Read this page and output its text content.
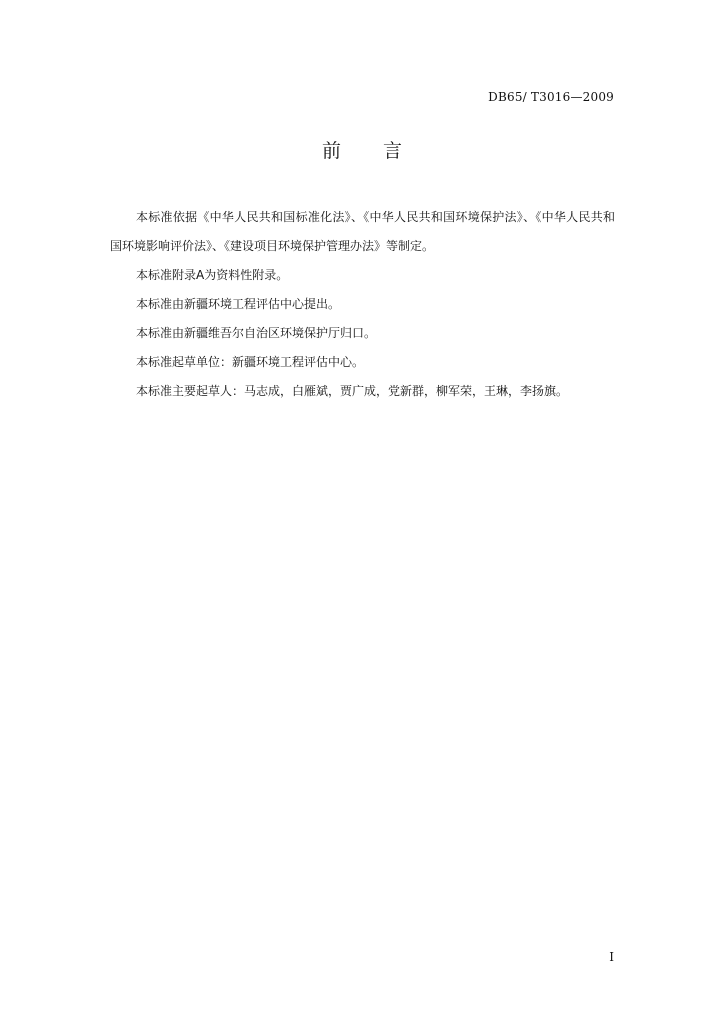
DB65/ T3016—2009
前言

本标准依据《中华人民共和国标准化法》、《中华人民共和国环境保护法》、《中华人民共和国环境影响评价法》、《建设项目环境保护管理办法》等制定。

本标准附录A为资料性附录。

本标准由新疆环境工程评估中心提出。

本标准由新疆维吾尔自治区环境保护厅归口。

本标准起草单位：新疆环境工程评估中心。

本标准主要起草人：马志成，白雁斌，贾广成，党新群，柳军荣，王琳，李扬旗。

I
